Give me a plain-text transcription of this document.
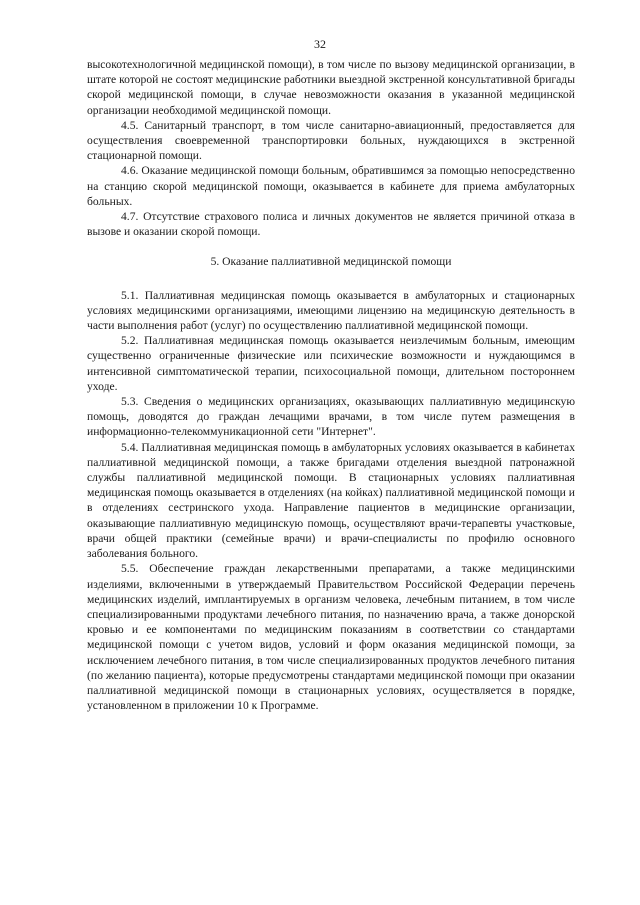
32

высокотехнологичной медицинской помощи), в том числе по вызову медицинской организации, в штате которой не состоят медицинские работники выездной экстренной консультативной бригады скорой медицинской помощи, в случае невозможности оказания в указанной медицинской организации необходимой медицинской помощи.

4.5. Санитарный транспорт, в том числе санитарно-авиационный, предоставляется для осуществления своевременной транспортировки больных, нуждающихся в экстренной стационарной помощи.

4.6. Оказание медицинской помощи больным, обратившимся за помощью непосредственно на станцию скорой медицинской помощи, оказывается в кабинете для приема амбулаторных больных.

4.7. Отсутствие страхового полиса и личных документов не является причиной отказа в вызове и оказании скорой помощи.

5. Оказание паллиативной медицинской помощи

5.1. Паллиативная медицинская помощь оказывается в амбулаторных и стационарных условиях медицинскими организациями, имеющими лицензию на медицинскую деятельность в части выполнения работ (услуг) по осуществлению паллиативной медицинской помощи.

5.2. Паллиативная медицинская помощь оказывается неизлечимым больным, имеющим существенно ограниченные физические или психические возможности и нуждающимся в интенсивной симптоматической терапии, психосоциальной помощи, длительном постороннем уходе.

5.3. Сведения о медицинских организациях, оказывающих паллиативную медицинскую помощь, доводятся до граждан лечащими врачами, в том числе путем размещения в информационно-телекоммуникационной сети "Интернет".

5.4. Паллиативная медицинская помощь в амбулаторных условиях оказывается в кабинетах паллиативной медицинской помощи, а также бригадами отделения выездной патронажной службы паллиативной медицинской помощи. В стационарных условиях паллиативная медицинская помощь оказывается в отделениях (на койках) паллиативной медицинской помощи и в отделениях сестринского ухода. Направление пациентов в медицинские организации, оказывающие паллиативную медицинскую помощь, осуществляют врачи-терапевты участковые, врачи общей практики (семейные врачи) и врачи-специалисты по профилю основного заболевания больного.

5.5. Обеспечение граждан лекарственными препаратами, а также медицинскими изделиями, включенными в утверждаемый Правительством Российской Федерации перечень медицинских изделий, имплантируемых в организм человека, лечебным питанием, в том числе специализированными продуктами лечебного питания, по назначению врача, а также донорской кровью и ее компонентами по медицинским показаниям в соответствии со стандартами медицинской помощи с учетом видов, условий и форм оказания медицинской помощи, за исключением лечебного питания, в том числе специализированных продуктов лечебного питания (по желанию пациента), которые предусмотрены стандартами медицинской помощи при оказании паллиативной медицинской помощи в стационарных условиях, осуществляется в порядке, установленном в приложении 10 к Программе.
